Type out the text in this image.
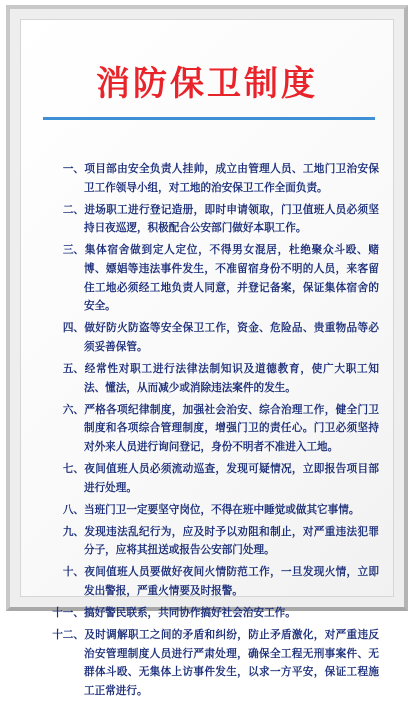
消防保卫制度
一、项目部由安全负责人挂帅，成立由管理人员、工地门卫治安保卫工作领导小组，对工地的治安保卫工作全面负责。
二、进场职工进行登记造册，即时申请领取，门卫值班人员必须坚持日夜巡逻，积极配合公安部门做好本职工作。
三、集体宿舍做到定人定位，不得男女混居，杜绝聚众斗殴、赌博、嫖娼等违法事件发生，不准留宿身份不明的人员，来客留住工地必须经工地负责人同意，并登记备案，保证集体宿舍的安全。
四、做好防火防盗等安全保卫工作，资金、危险品、贵重物品等必须妥善保管。
五、经常性对职工进行法律法制知识及道德教育，使广大职工知法、懂法，从而减少或消除违法案件的发生。
六、严格各项纪律制度，加强社会治安、综合治理工作，健全门卫制度和各项综合管理制度，增强门卫的责任心。门卫必须坚持对外来人员进行询问登记，身份不明者不准进入工地。
七、夜间值班人员必须流动巡查，发现可疑情况，立即报告项目部进行处理。
八、当班门卫一定要坚守岗位，不得在班中睡觉或做其它事情。
九、发现违法乱纪行为，应及时予以劝阻和制止，对严重违法犯罪分子，应将其扭送或报告公安部门处理。
十、夜间值班人员要做好夜间火情防范工作，一旦发现火情，立即发出警报，严重火情要及时报警。
十一、搞好警民联系，共同协作搞好社会治安工作。
十二、及时调解职工之间的矛盾和纠纷，防止矛盾激化，对严重违反治安管理制度人员进行严肃处理，确保全工程无刑事案件、无群体斗殴、无集体上访事件发生，以求一方平安，保证工程施工正常进行。
